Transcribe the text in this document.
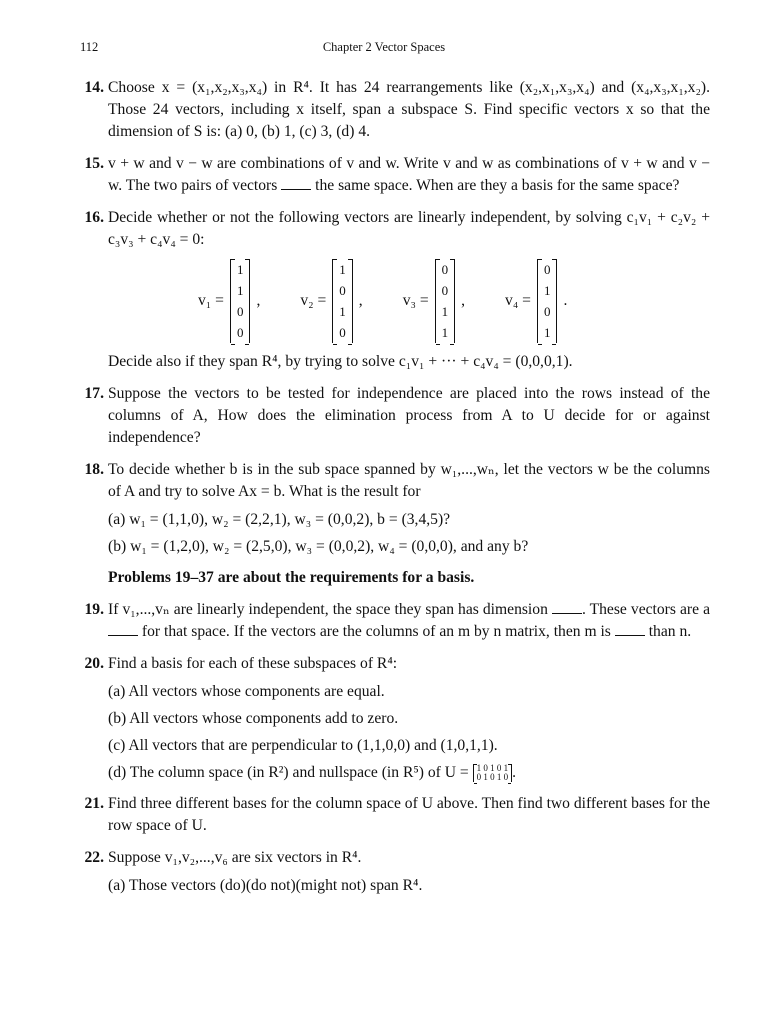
112	Chapter 2 Vector Spaces
14. Choose x = (x₁,x₂,x₃,x₄) in R⁴. It has 24 rearrangements like (x₂,x₁,x₃,x₄) and (x₄,x₃,x₁,x₂). Those 24 vectors, including x itself, span a subspace S. Find specific vectors x so that the dimension of S is: (a) 0, (b) 1, (c) 3, (d) 4.
15. v + w and v − w are combinations of v and w. Write v and w as combinations of v + w and v − w. The two pairs of vectors the same space. When are they a basis for the same space?
16. Decide whether or not the following vectors are linearly independent, by solving c₁v₁ + c₂v₂ + c₃v₃ + c₄v₄ = 0:
v₁ =
1
1
0
0
,	v₂ =
1
0
1
0
,	v₃ =
0
0
1
1
,	v₄ =
0
1
0
1
.
Decide also if they span R⁴, by trying to solve c₁v₁ + ··· + c₄v₄ = (0,0,0,1).
17. Suppose the vectors to be tested for independence are placed into the rows instead of the columns of A, How does the elimination process from A to U decide for or against independence?
18. To decide whether b is in the sub space spanned by w₁,...,wₙ, let the vectors w be the columns of A and try to solve Ax = b. What is the result for
(a) w₁ = (1,1,0), w₂ = (2,2,1), w₃ = (0,0,2), b = (3,4,5)?
(b) w₁ = (1,2,0), w₂ = (2,5,0), w₃ = (0,0,2), w₄ = (0,0,0), and any b?
Problems 19–37 are about the requirements for a basis.
19. If v₁,...,vₙ are linearly independent, the space they span has dimension . These vectors are a  for that space. If the vectors are the columns of an m by n matrix, then m is than n.
20. Find a basis for each of these subspaces of R⁴:
(a) All vectors whose components are equal.
(b) All vectors whose components add to zero.
(c) All vectors that are perpendicular to (1,1,0,0) and (1,0,1,1).
(d) The column space (in R²) and nullspace (in R⁵) of U = 1 0 1 0 1
0 1 0 1 0 .
21. Find three different bases for the column space of U above. Then find two different bases for the row space of U.
22. Suppose v₁,v₂,...,v₆ are six vectors in R⁴.
(a) Those vectors (do)(do not)(might not) span R⁴.
